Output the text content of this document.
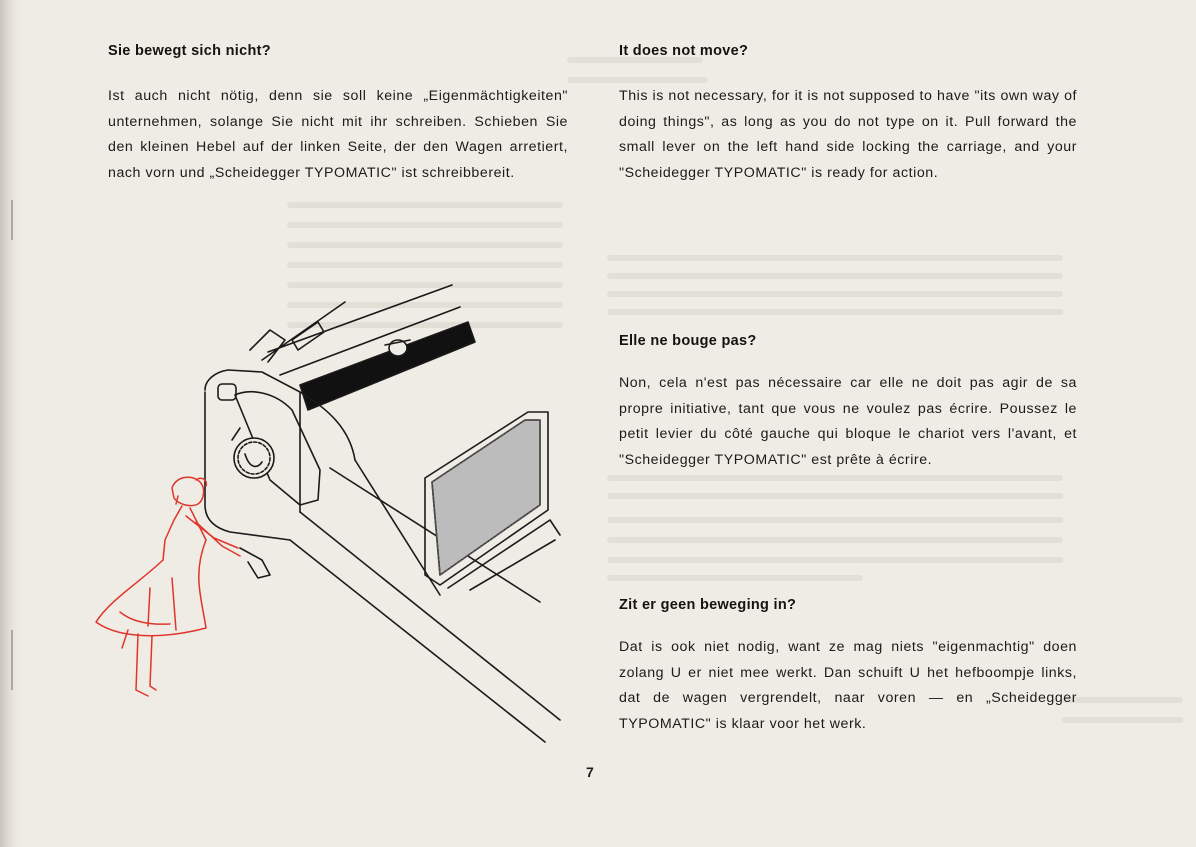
Sie bewegt sich nicht?
Ist auch nicht nötig, denn sie soll keine „Eigenmächtigkeiten" unternehmen, solange Sie nicht mit ihr schreiben. Schieben Sie den kleinen Hebel auf der linken Seite, der den Wagen arretiert, nach vorn und „Scheidegger TYPOMATIC" ist schreibbereit.
It does not move?
This is not necessary, for it is not supposed to have "its own way of doing things", as long as you do not type on it. Pull forward the small lever on the left hand side locking the carriage, and your "Scheidegger TYPOMATIC" is ready for action.
Elle ne bouge pas?
Non, cela n'est pas nécessaire car elle ne doit pas agir de sa propre initiative, tant que vous ne voulez pas écrire. Poussez le petit levier du côté gauche qui bloque le chariot vers l'avant, et "Scheidegger TYPOMATIC" est prête à écrire.
Zit er geen beweging in?
Dat is ook niet nodig, want ze mag niets "eigenmachtig" doen zolang U er niet mee werkt. Dan schuift U het hefboompje links, dat de wagen vergrendelt, naar voren — en „Scheidegger TYPOMATIC" is klaar voor het werk.
7
